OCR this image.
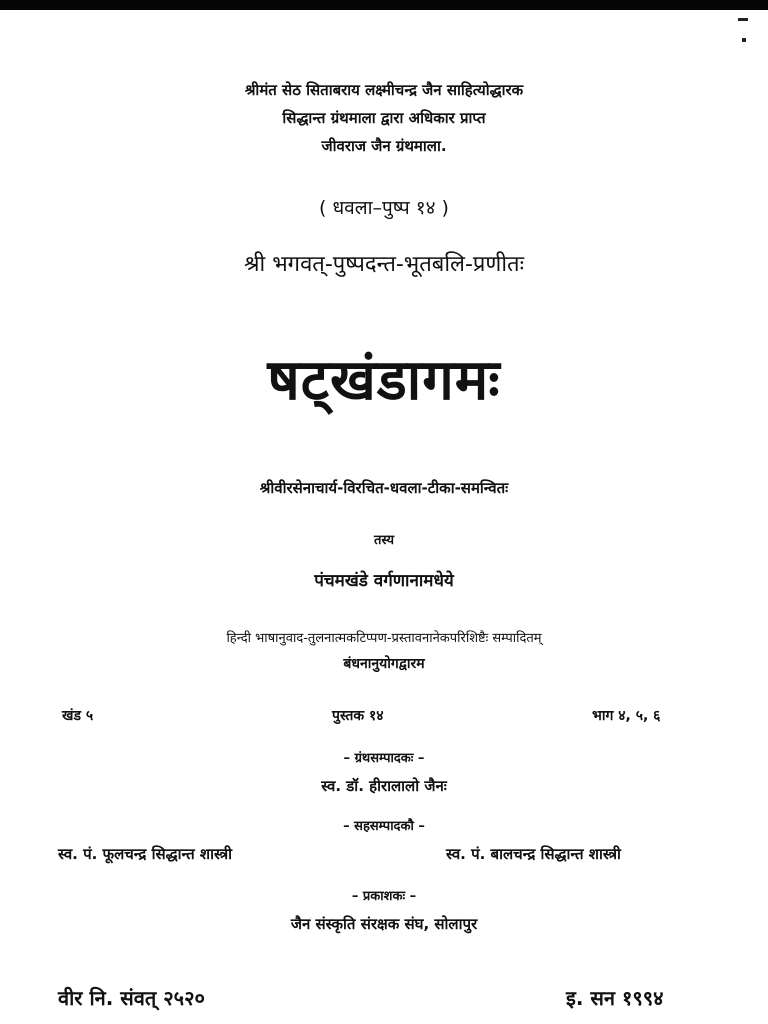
श्रीमंत सेठ सिताबराय लक्ष्मीचन्द्र जैन साहित्योद्धारक
सिद्धान्त ग्रंथमाला द्वारा अधिकार प्राप्त
जीवराज जैन ग्रंथमाला.
( धवला–पुष्प १४ )
श्री भगवत्-पुष्पदन्त-भूतबलि-प्रणीतः
षट्खंडागमः
श्रीवीरसेनाचार्य-विरचित-धवला-टीका-समन्वितः
तस्य
पंचमखंडे वर्गणानामधेये
हिन्दी भाषानुवाद-तुलनात्मकटिप्पण-प्रस्तावनानेकपरिशिष्टैः सम्पादितम्
बंधनानुयोगद्वारम
खंड ५	पुस्तक १४	भाग ४, ५, ६
– ग्रंथसम्पादकः –
स्व. डॉ. हीरालालो जैनः
– सहसम्पादकौ –
स्व. पं. फूलचन्द्र सिद्धान्त शास्त्री	स्व. पं. बालचन्द्र सिद्धान्त शास्त्री
– प्रकाशकः –
जैन संस्कृति संरक्षक संघ, सोलापुर
वीर नि. संवत् २५२०	इ. सन १९९४
